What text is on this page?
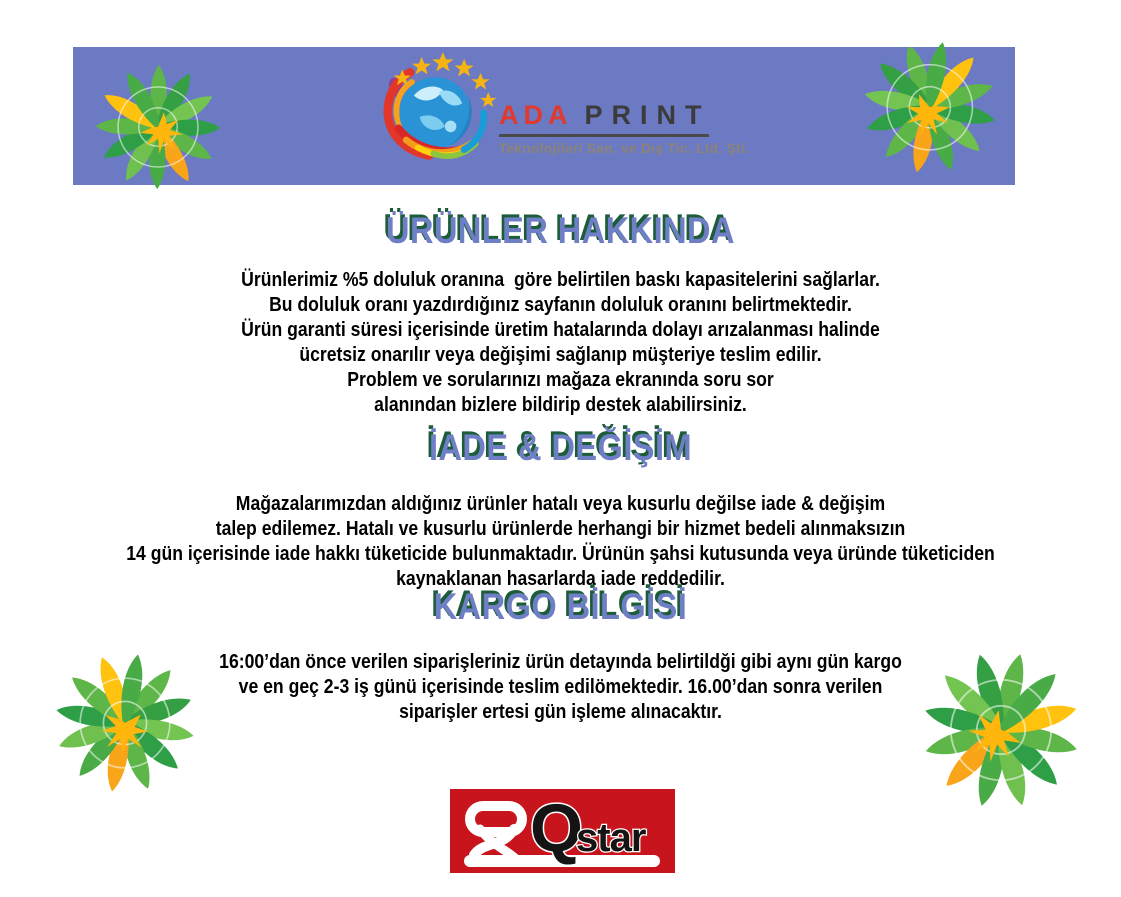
ADA PRINT
Teknolojileri San. ve Dış Tic. Ltd. Şti.
ÜRÜNLER HAKKINDA
Ürünlerimiz %5 doluluk oranına  göre belirtilen baskı kapasitelerini sağlarlar.
Bu doluluk oranı yazdırdığınız sayfanın doluluk oranını belirtmektedir.
Ürün garanti süresi içerisinde üretim hatalarında dolayı arızalanması halinde
ücretsiz onarılır veya değişimi sağlanıp müşteriye teslim edilir.
Problem ve sorularınızı mağaza ekranında soru sor
alanından bizlere bildirip destek alabilirsiniz.
İADE & DEĞİŞİM
Mağazalarımızdan aldığınız ürünler hatalı veya kusurlu değilse iade & değişim
talep edilemez. Hatalı ve kusurlu ürünlerde herhangi bir hizmet bedeli alınmaksızın
14 gün içerisinde iade hakkı tüketicide bulunmaktadır. Ürünün şahsi kutusunda veya üründe tüketiciden
kaynaklanan hasarlarda iade reddedilir.
KARGO BİLGİSİ
16:00’dan önce verilen siparişleriniz ürün detayında belirtildği gibi aynı gün kargo
ve en geç 2-3 iş günü içerisinde teslim edilömektedir. 16.00’dan sonra verilen
siparişler ertesi gün işleme alınacaktır.
Q
star
